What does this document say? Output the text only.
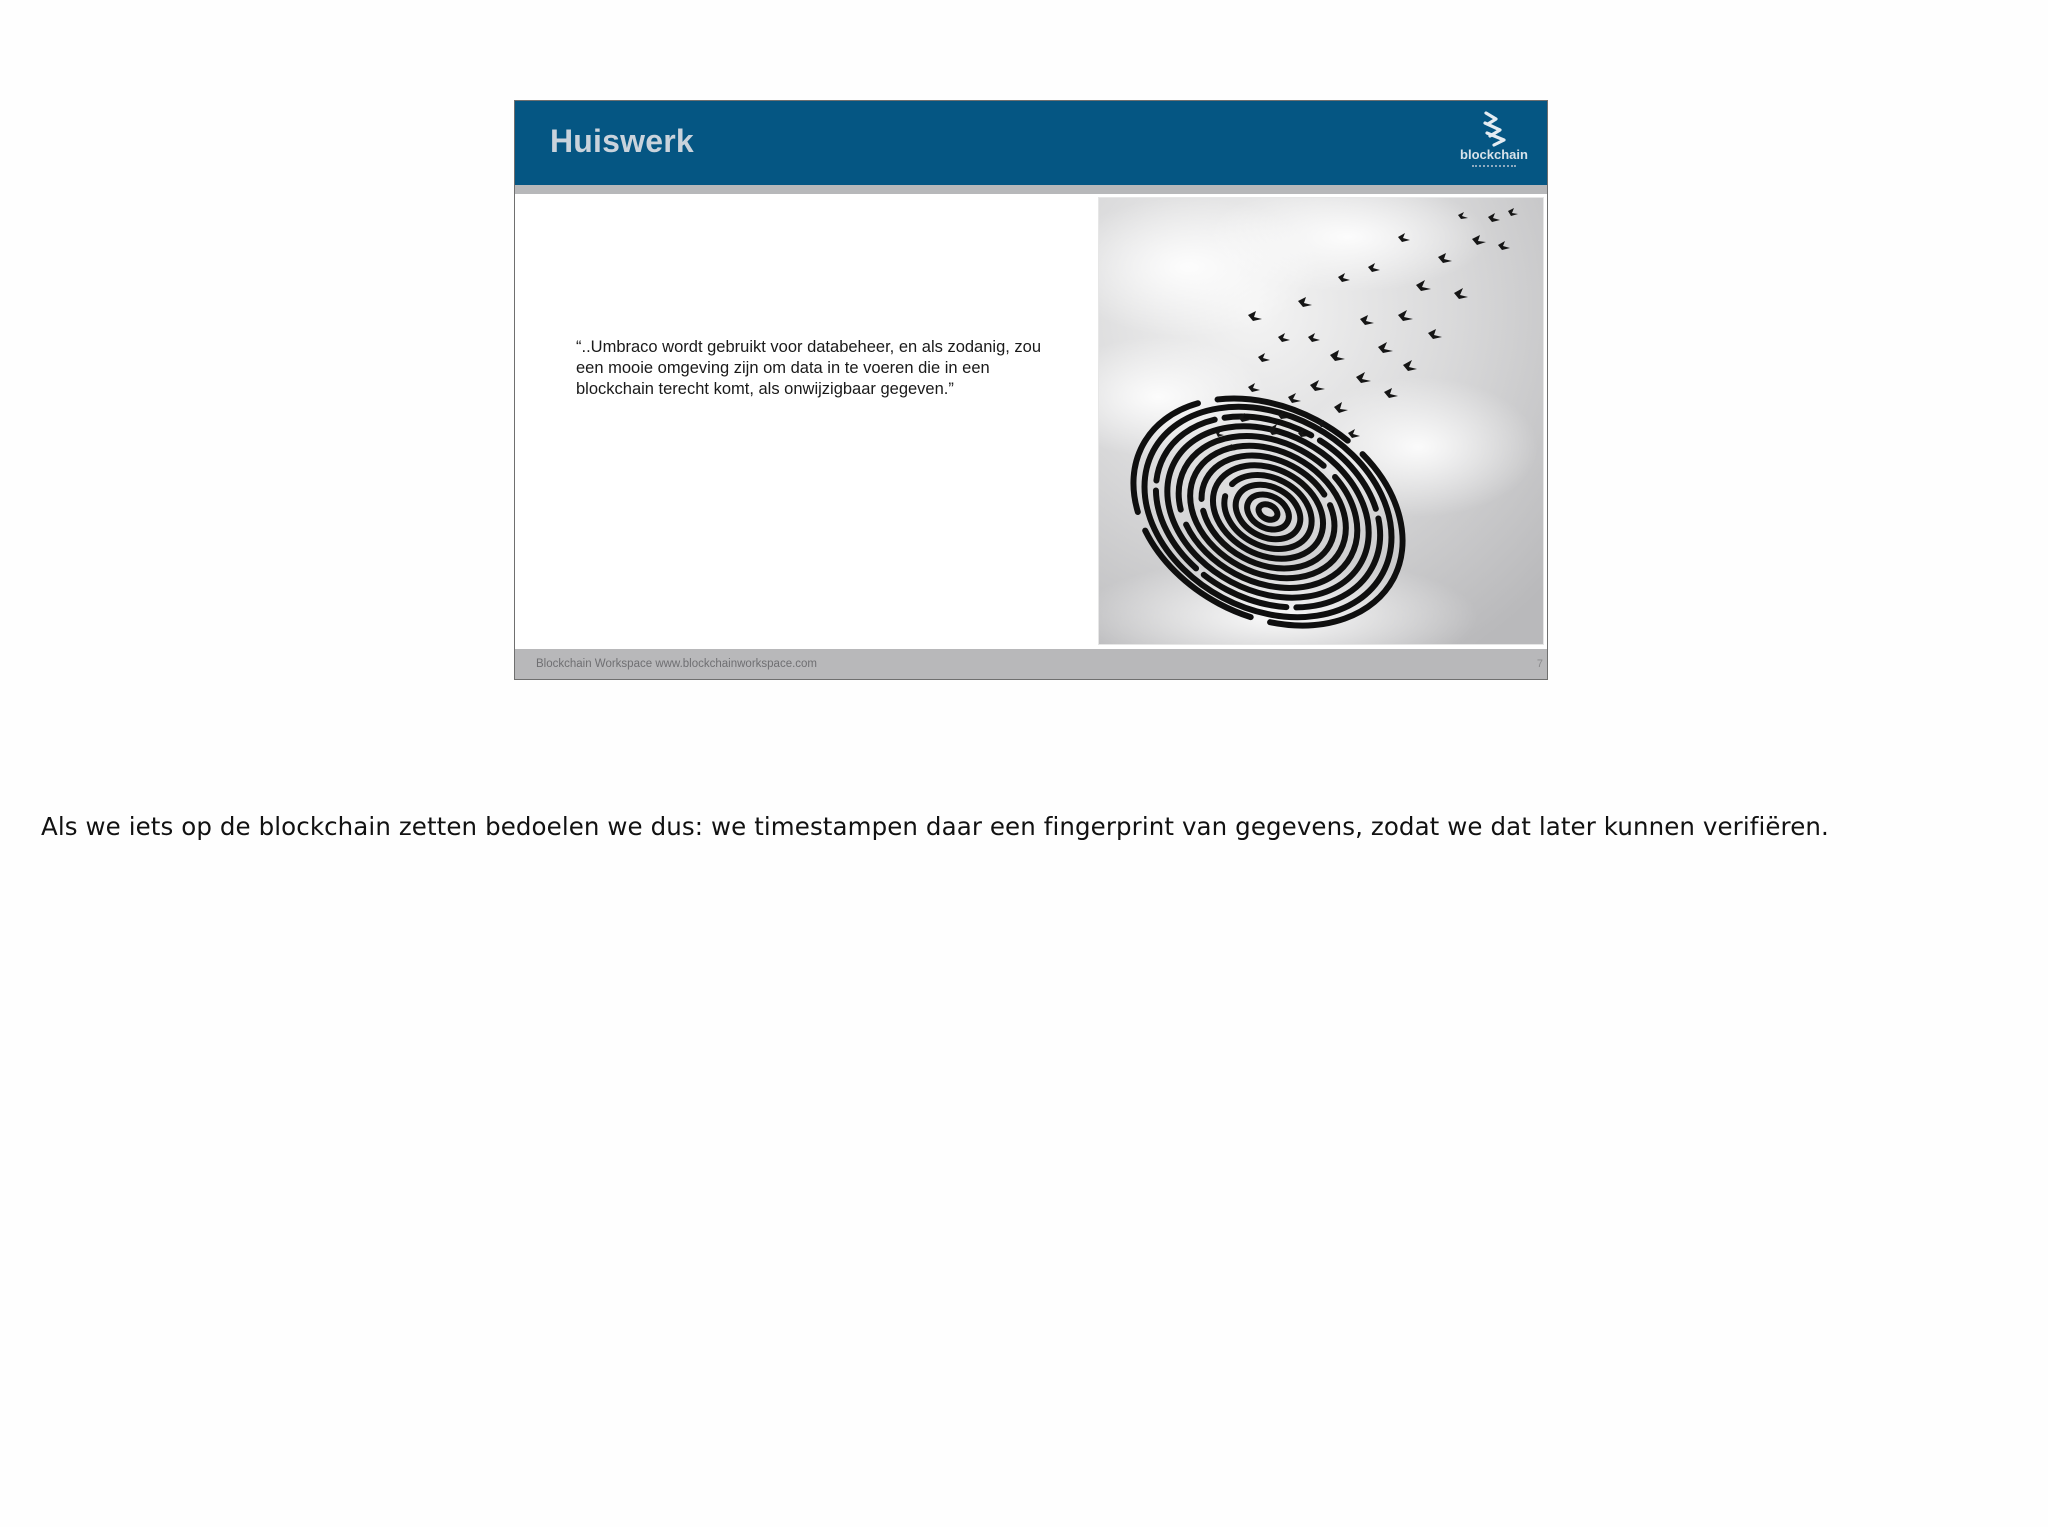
Huiswerk	blockchain
“..Umbraco wordt gebruikt voor databeheer, en als zodanig, zou een mooie omgeving zijn om data in te voeren die in een blockchain terecht komt, als onwijzigbaar gegeven.”
Blockchain Workspace www.blockchainworkspace.com	7
Als we iets op de blockchain zetten bedoelen we dus: we timestampen daar een fingerprint van gegevens, zodat we dat later kunnen verifiëren.
